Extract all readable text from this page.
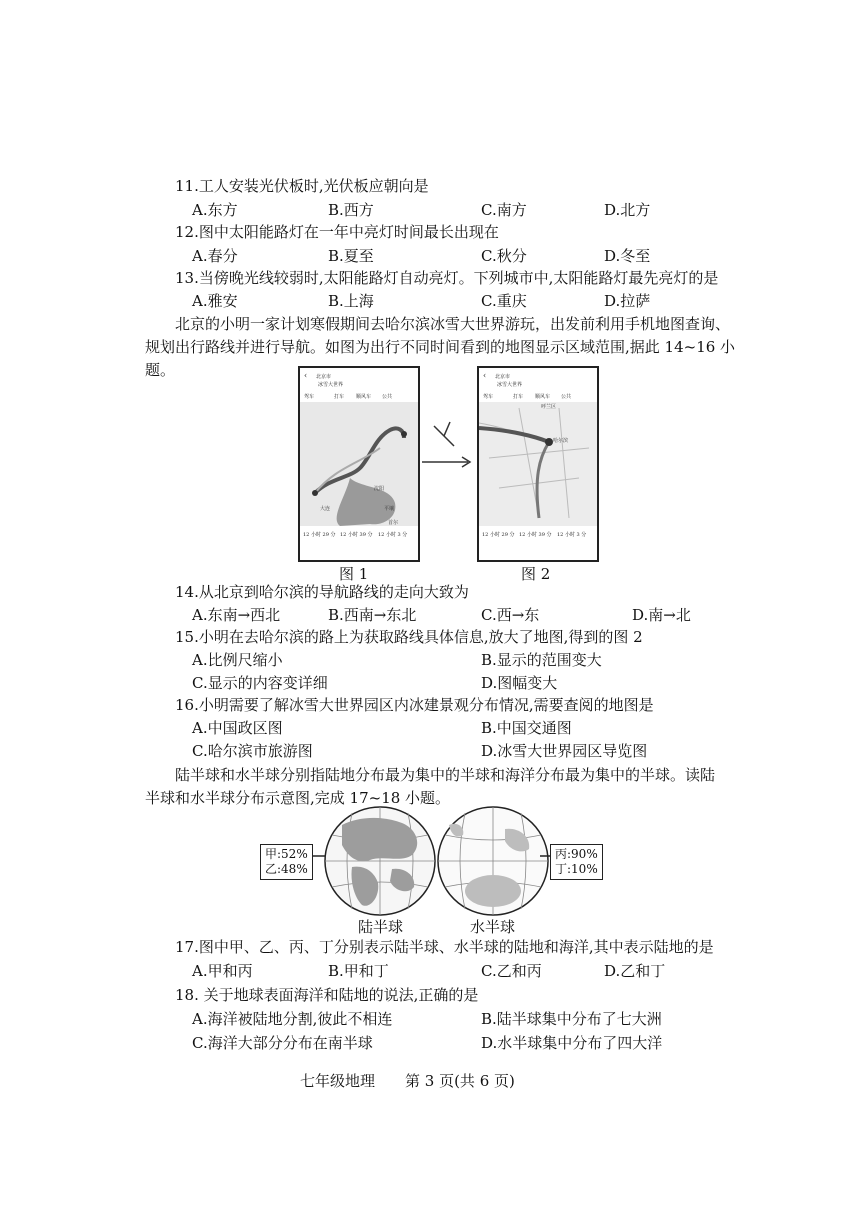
11.工人安装光伏板时,光伏板应朝向是
A.东方	B.西方	C.南方	D.北方
12.图中太阳能路灯在一年中亮灯时间最长出现在
A.春分	B.夏至	C.秋分	D.冬至
13.当傍晚光线较弱时,太阳能路灯自动亮灯。下列城市中,太阳能路灯最先亮灯的是
A.雅安	B.上海	C.重庆	D.拉萨
北京的小明一家计划寒假期间去哈尔滨冰雪大世界游玩，出发前利用手机地图查询、
规划出行路线并进行导航。如图为出行不同时间看到的地图显示区域范围,据此 14~16 小
题。	‹ 北京市
冰雪大世界
驾车	打车 顺风车 公共
沈阳
大连	平壤
首尔
12 小时 29 分 12 小时 39 分 12 小时 3 分
‹ 北京市
冰雪大世界
驾车	打车 顺风车 公共
呼兰区
哈尔滨
12 小时 29 分 12 小时 39 分 12 小时 3 分
图 1	图 2
14.从北京到哈尔滨的导航路线的走向大致为
A.东南→西北	B.西南→东北	C.西→东	D.南→北
15.小明在去哈尔滨的路上为获取路线具体信息,放大了地图,得到的图 2
A.比例尺缩小	B.显示的范围变大
C.显示的内容变详细	D.图幅变大
16.小明需要了解冰雪大世界园区内冰建景观分布情况,需要查阅的地图是
A.中国政区图	B.中国交通图
C.哈尔滨市旅游图	D.冰雪大世界园区导览图
陆半球和水半球分别指陆地分布最为集中的半球和海洋分布最为集中的半球。读陆
半球和水半球分布示意图,完成 17~18 小题。
甲:52%
乙:48%
丙:90%
丁:10%
陆半球	水半球
17.图中甲、乙、丙、丁分别表示陆半球、水半球的陆地和海洋,其中表示陆地的是
A.甲和丙	B.甲和丁	C.乙和丙	D.乙和丁
18. 关于地球表面海洋和陆地的说法,正确的是
A.海洋被陆地分割,彼此不相连	B.陆半球集中分布了七大洲
C.海洋大部分分布在南半球	D.水半球集中分布了四大洋
七年级地理　　第 3 页(共 6 页)
